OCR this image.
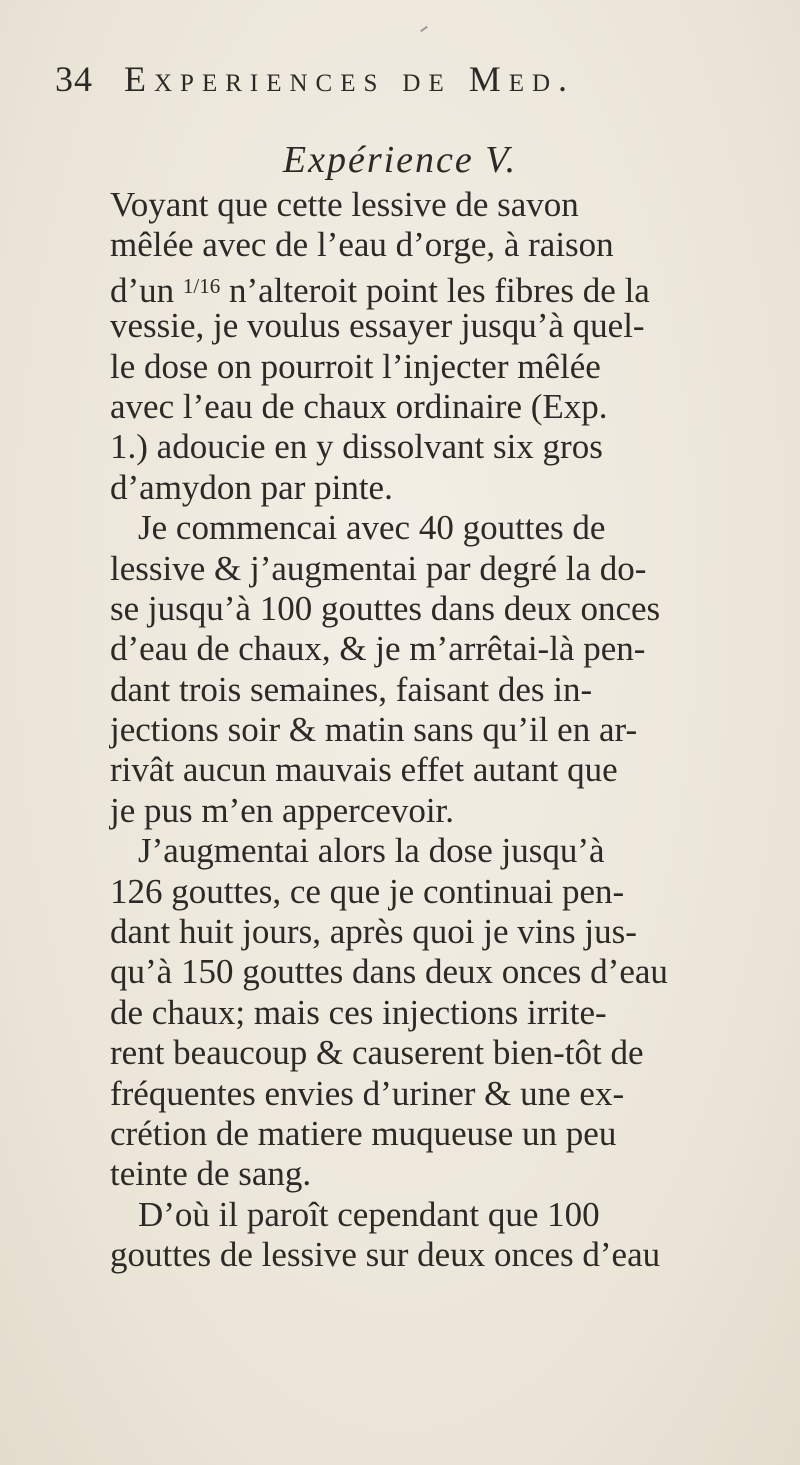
34 Experiences de Med.
Expérience V.
Voyant que cette lessive de savon
mêlée avec de l’eau d’orge, à raison
d’un $^{1/16}$ n’alteroit point les fibres de la
vessie, je voulus essayer jusqu’à quel-
le dose on pourroit l’injecter mêlée
avec l’eau de chaux ordinaire (Exp.
1.) adoucie en y dissolvant six gros
d’amydon par pinte.
Je commencai avec 40 gouttes de
lessive & j’augmentai par degré la do-
se jusqu’à 100 gouttes dans deux onces
d’eau de chaux, & je m’arrêtai-là pen-
dant trois semaines, faisant des in-
jections soir & matin sans qu’il en ar-
rivât aucun mauvais effet autant que
je pus m’en appercevoir.
J’augmentai alors la dose jusqu’à
126 gouttes, ce que je continuai pen-
dant huit jours, après quoi je vins jus-
qu’à 150 gouttes dans deux onces d’eau
de chaux; mais ces injections irrite-
rent beaucoup & causerent bien-tôt de
fréquentes envies d’uriner & une ex-
crétion de matiere muqueuse un peu
teinte de sang.
D’où il paroît cependant que 100
gouttes de lessive sur deux onces d’eau
